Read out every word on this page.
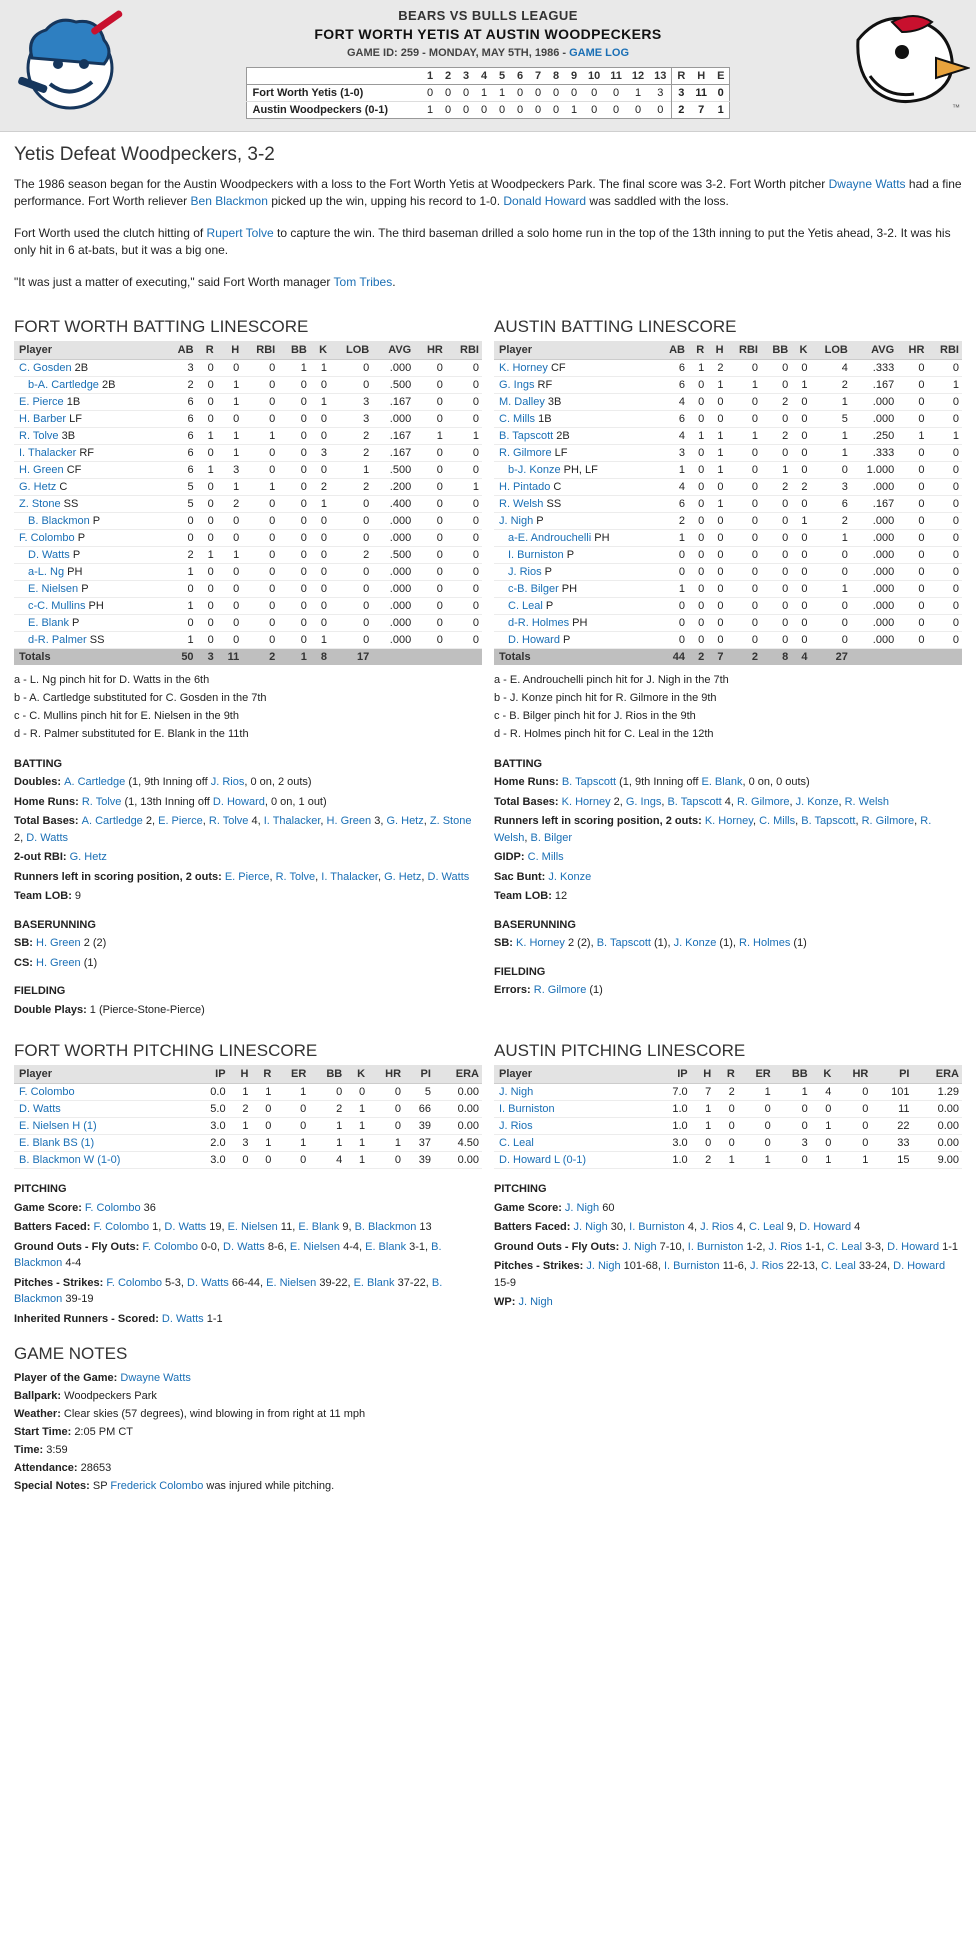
BEARS VS BULLS LEAGUE
FORT WORTH YETIS AT AUSTIN WOODPECKERS
GAME ID: 259 - MONDAY, MAY 5TH, 1986 - GAME LOG
	1	2	3	4	5	6	7	8	9	10	11	12	13	R	H	E
Fort Worth Yetis (1-0)	0	0	0	1	1	0	0	0	0	0	0	1	3	3	11	0
Austin Woodpeckers (0-1)	1	0	0	0	0	0	0	0	1	0	0	0	0	2	7	1	™
Yetis Defeat Woodpeckers, 3-2

The 1986 season began for the Austin Woodpeckers with a loss to the Fort Worth Yetis at Woodpeckers Park. The final score was 3-2. Fort Worth pitcher Dwayne Watts had a fine performance. Fort Worth reliever Ben Blackmon picked up the win, upping his record to 1-0. Donald Howard was saddled with the loss.

Fort Worth used the clutch hitting of Rupert Tolve to capture the win. The third baseman drilled a solo home run in the top of the 13th inning to put the Yetis ahead, 3-2. It was his only hit in 6 at-bats, but it was a big one.

"It was just a matter of executing," said Fort Worth manager Tom Tribes.

FORT WORTH BATTING LINESCORE
Player	AB	R	H	RBI	BB	K	LOB	AVG	HR	RBI
C. Gosden 2B	3	0	0	0	1	1	0	.000	0	0
b-A. Cartledge 2B	2	0	1	0	0	0	0	.500	0	0
E. Pierce 1B	6	0	1	0	0	1	3	.167	0	0
H. Barber LF	6	0	0	0	0	0	3	.000	0	0
R. Tolve 3B	6	1	1	1	0	0	2	.167	1	1
I. Thalacker RF	6	0	1	0	0	3	2	.167	0	0
H. Green CF	6	1	3	0	0	0	1	.500	0	0
G. Hetz C	5	0	1	1	0	2	2	.200	0	1
Z. Stone SS	5	0	2	0	0	1	0	.400	0	0
B. Blackmon P	0	0	0	0	0	0	0	.000	0	0
F. Colombo P	0	0	0	0	0	0	0	.000	0	0
D. Watts P	2	1	1	0	0	0	2	.500	0	0
a-L. Ng PH	1	0	0	0	0	0	0	.000	0	0
E. Nielsen P	0	0	0	0	0	0	0	.000	0	0
c-C. Mullins PH	1	0	0	0	0	0	0	.000	0	0
E. Blank P	0	0	0	0	0	0	0	.000	0	0
d-R. Palmer SS	1	0	0	0	0	1	0	.000	0	0
Totals	50	3	11	2	1	8	17			
a - L. Ng pinch hit for D. Watts in the 6th
b - A. Cartledge substituted for C. Gosden in the 7th
c - C. Mullins pinch hit for E. Nielsen in the 9th
d - R. Palmer substituted for E. Blank in the 11th
BATTING
Doubles: A. Cartledge (1, 9th Inning off J. Rios, 0 on, 2 outs)
Home Runs: R. Tolve (1, 13th Inning off D. Howard, 0 on, 1 out)
Total Bases: A. Cartledge 2, E. Pierce, R. Tolve 4, I. Thalacker, H. Green 3, G. Hetz, Z. Stone 2, D. Watts
2-out RBI: G. Hetz
Runners left in scoring position, 2 outs: E. Pierce, R. Tolve, I. Thalacker, G. Hetz, D. Watts
Team LOB: 9
BASERUNNING
SB: H. Green 2 (2)
CS: H. Green (1)
FIELDING
Double Plays: 1 (Pierce-Stone-Pierce)
AUSTIN BATTING LINESCORE
Player	AB	R	H	RBI	BB	K	LOB	AVG	HR	RBI
K. Horney CF	6	1	2	0	0	0	4	.333	0	0
G. Ings RF	6	0	1	1	0	1	2	.167	0	1
M. Dalley 3B	4	0	0	0	2	0	1	.000	0	0
C. Mills 1B	6	0	0	0	0	0	5	.000	0	0
B. Tapscott 2B	4	1	1	1	2	0	1	.250	1	1
R. Gilmore LF	3	0	1	0	0	0	1	.333	0	0
b-J. Konze PH, LF	1	0	1	0	1	0	0	1.000	0	0
H. Pintado C	4	0	0	0	2	2	3	.000	0	0
R. Welsh SS	6	0	1	0	0	0	6	.167	0	0
J. Nigh P	2	0	0	0	0	1	2	.000	0	0
a-E. Androuchelli PH	1	0	0	0	0	0	1	.000	0	0
I. Burniston P	0	0	0	0	0	0	0	.000	0	0
J. Rios P	0	0	0	0	0	0	0	.000	0	0
c-B. Bilger PH	1	0	0	0	0	0	1	.000	0	0
C. Leal P	0	0	0	0	0	0	0	.000	0	0
d-R. Holmes PH	0	0	0	0	0	0	0	.000	0	0
D. Howard P	0	0	0	0	0	0	0	.000	0	0
Totals	44	2	7	2	8	4	27			
a - E. Androuchelli pinch hit for J. Nigh in the 7th
b - J. Konze pinch hit for R. Gilmore in the 9th
c - B. Bilger pinch hit for J. Rios in the 9th
d - R. Holmes pinch hit for C. Leal in the 12th
BATTING
Home Runs: B. Tapscott (1, 9th Inning off E. Blank, 0 on, 0 outs)
Total Bases: K. Horney 2, G. Ings, B. Tapscott 4, R. Gilmore, J. Konze, R. Welsh
Runners left in scoring position, 2 outs: K. Horney, C. Mills, B. Tapscott, R. Gilmore, R. Welsh, B. Bilger
GIDP: C. Mills
Sac Bunt: J. Konze
Team LOB: 12
BASERUNNING
SB: K. Horney 2 (2), B. Tapscott (1), J. Konze (1), R. Holmes (1)
FIELDING
Errors: R. Gilmore (1)
FORT WORTH PITCHING LINESCORE
Player	IP	H	R	ER	BB	K	HR	PI	ERA
F. Colombo	0.0	1	1	1	0	0	0	5	0.00
D. Watts	5.0	2	0	0	2	1	0	66	0.00
E. Nielsen H (1)	3.0	1	0	0	1	1	0	39	0.00
E. Blank BS (1)	2.0	3	1	1	1	1	1	37	4.50
B. Blackmon W (1-0)	3.0	0	0	0	4	1	0	39	0.00
PITCHING
Game Score: F. Colombo 36
Batters Faced: F. Colombo 1, D. Watts 19, E. Nielsen 11, E. Blank 9, B. Blackmon 13
Ground Outs - Fly Outs: F. Colombo 0-0, D. Watts 8-6, E. Nielsen 4-4, E. Blank 3-1, B. Blackmon 4-4
Pitches - Strikes: F. Colombo 5-3, D. Watts 66-44, E. Nielsen 39-22, E. Blank 37-22, B. Blackmon 39-19
Inherited Runners - Scored: D. Watts 1-1
AUSTIN PITCHING LINESCORE
Player	IP	H	R	ER	BB	K	HR	PI	ERA
J. Nigh	7.0	7	2	1	1	4	0	101	1.29
I. Burniston	1.0	1	0	0	0	0	0	11	0.00
J. Rios	1.0	1	0	0	0	1	0	22	0.00
C. Leal	3.0	0	0	0	3	0	0	33	0.00
D. Howard L (0-1)	1.0	2	1	1	0	1	1	15	9.00
PITCHING
Game Score: J. Nigh 60
Batters Faced: J. Nigh 30, I. Burniston 4, J. Rios 4, C. Leal 9, D. Howard 4
Ground Outs - Fly Outs: J. Nigh 7-10, I. Burniston 1-2, J. Rios 1-1, C. Leal 3-3, D. Howard 1-1
Pitches - Strikes: J. Nigh 101-68, I. Burniston 11-6, J. Rios 22-13, C. Leal 33-24, D. Howard 15-9
WP: J. Nigh
GAME NOTES
Player of the Game: Dwayne Watts
Ballpark: Woodpeckers Park
Weather: Clear skies (57 degrees), wind blowing in from right at 11 mph
Start Time: 2:05 PM CT
Time: 3:59
Attendance: 28653
Special Notes: SP Frederick Colombo was injured while pitching.
